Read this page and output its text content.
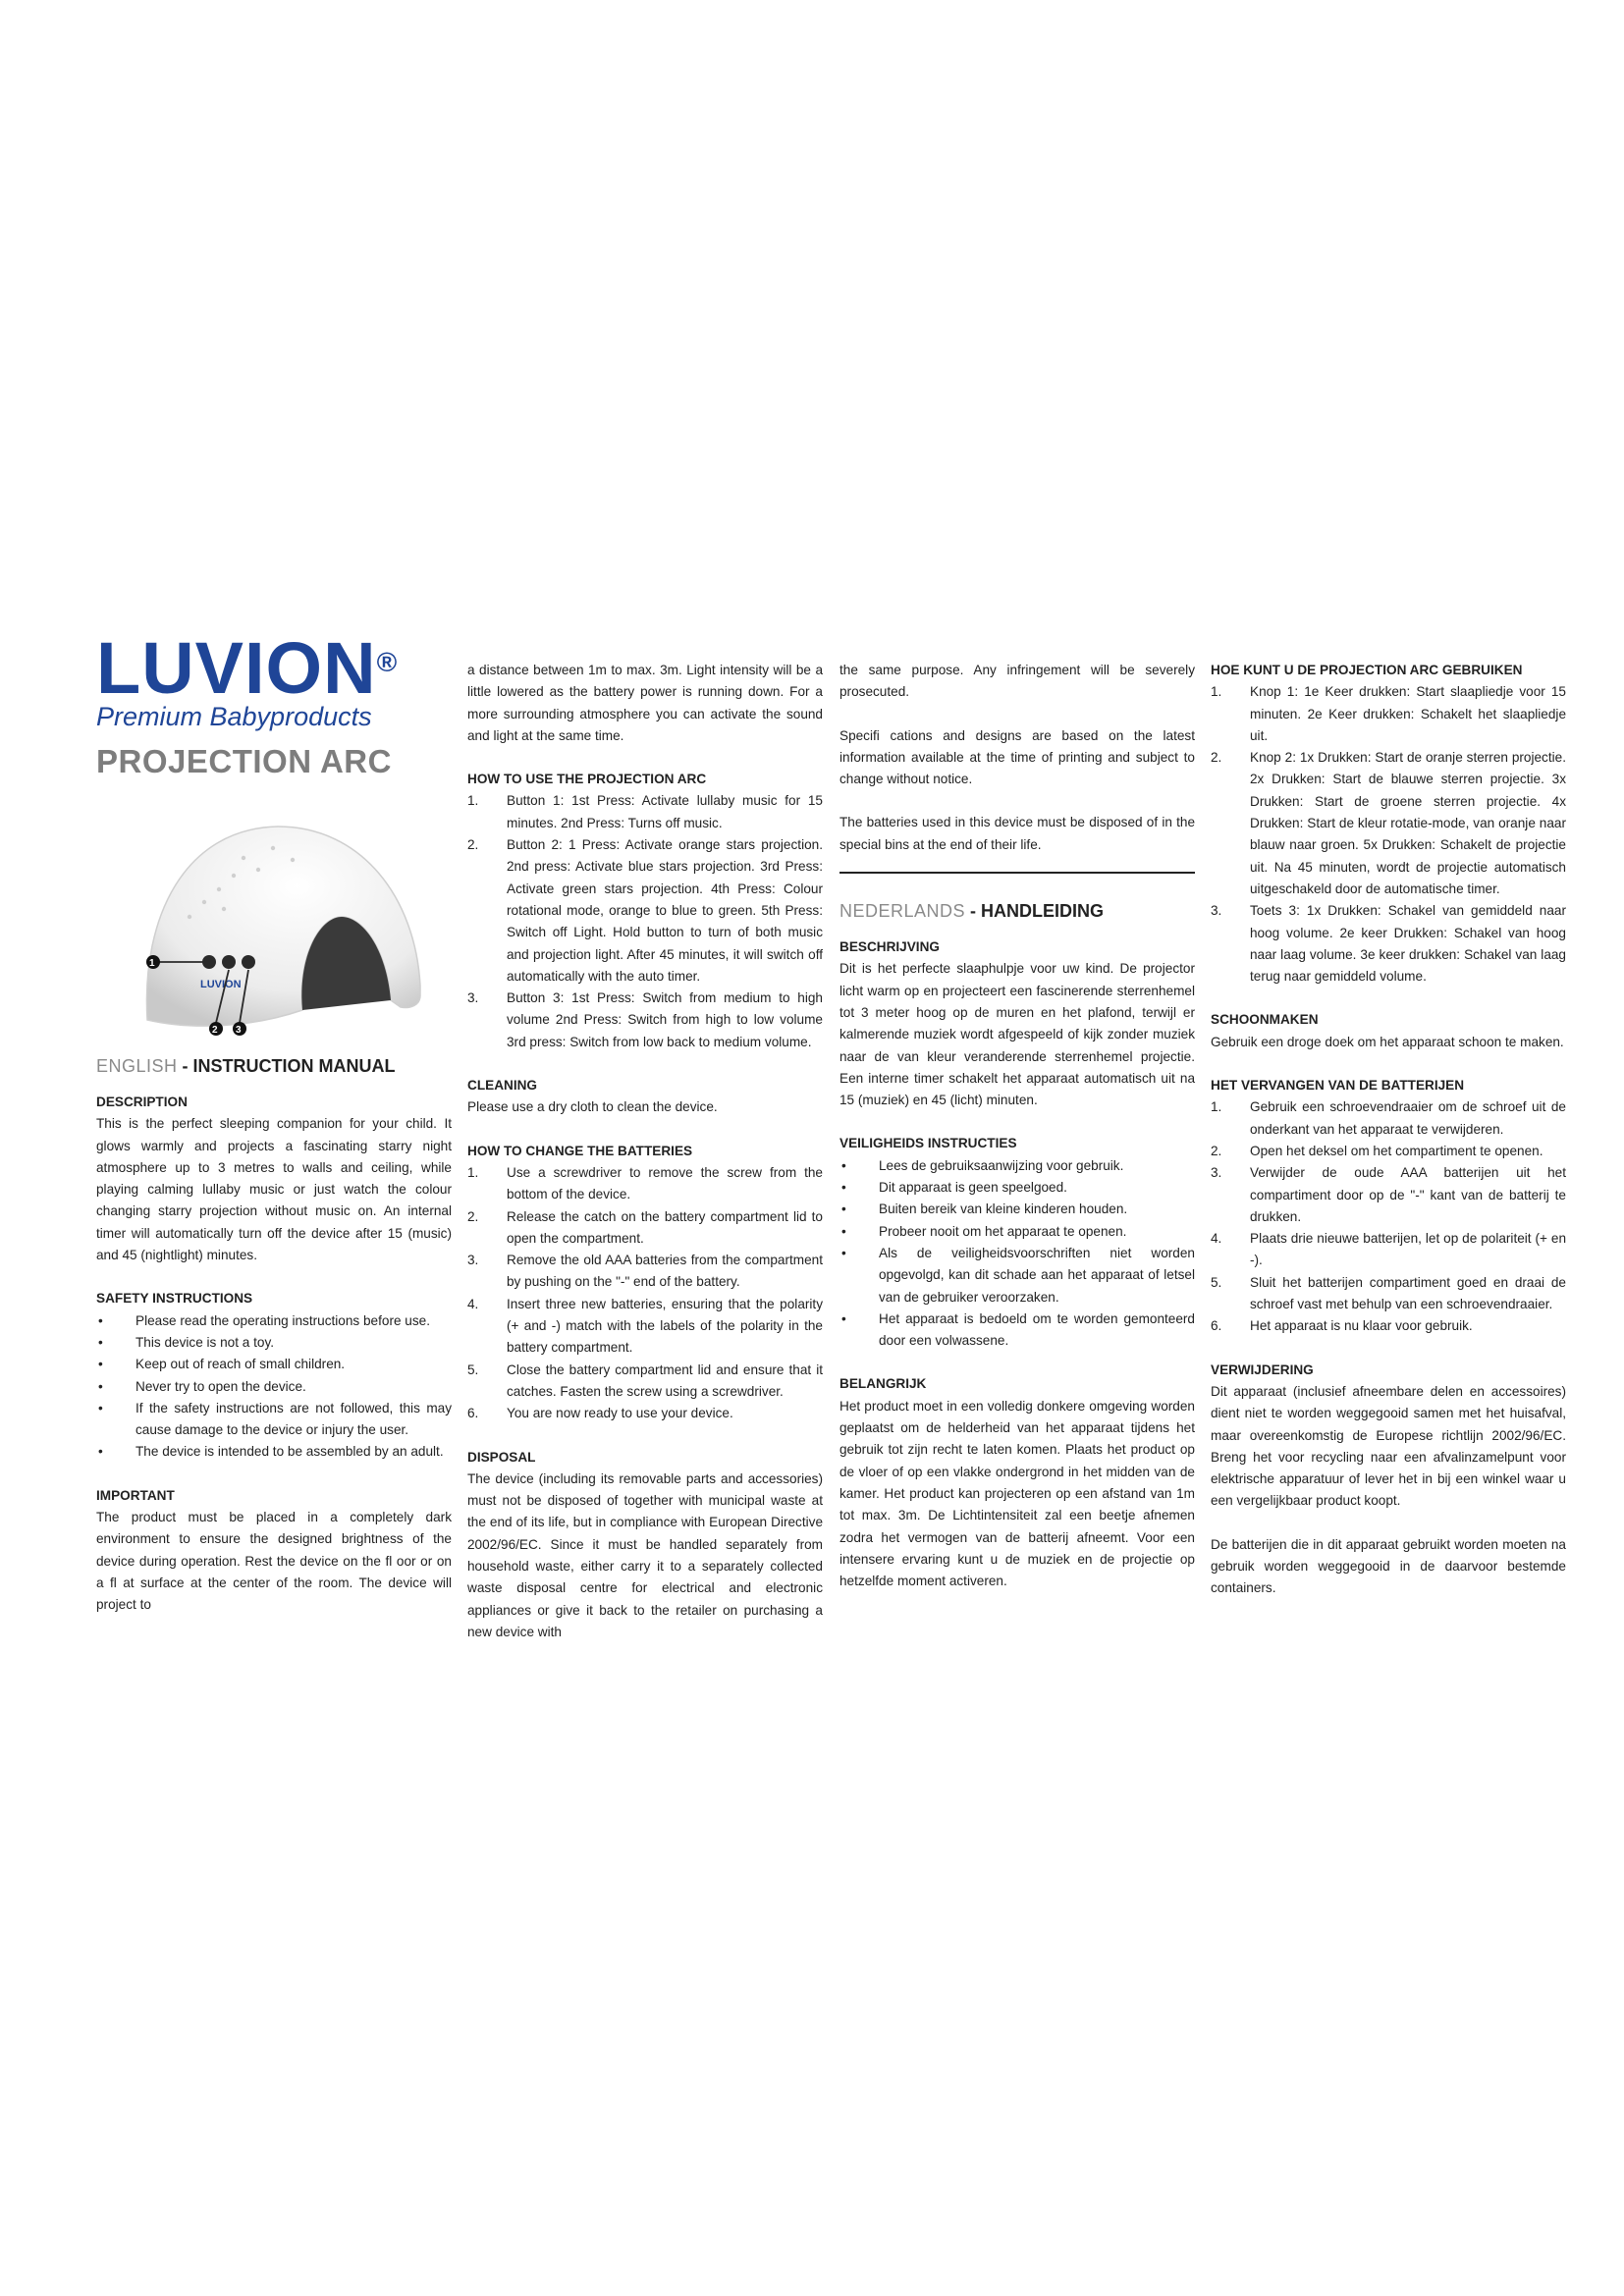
LUVION®
Premium Babyproducts
PROJECTION ARC
LUVION
1
2 3
ENGLISH - INSTRUCTION MANUAL
DESCRIPTION

This is the perfect sleeping companion for your child. It glows warmly and projects a fascinating starry night atmosphere up to 3 metres to walls and ceiling, while playing calming lullaby music or just watch the colour changing starry projection without music on. An internal timer will automatically turn off the device after 15 (music) and 45 (nightlight) minutes.

SAFETY INSTRUCTIONS
• Please read the operating instructions before use.
• This device is not a toy.
• Keep out of reach of small children.
• Never try to open the device.
• If the safety instructions are not followed, this may cause damage to the device or injury the user.
• The device is intended to be assembled by an adult.
IMPORTANT

The product must be placed in a completely dark environment to ensure the designed brightness of the device during operation. Rest the device on the fl oor or on a fl at surface at the center of the room. The device will project to

a distance between 1m to max. 3m. Light intensity will be a little lowered as the battery power is running down. For a more surrounding atmosphere you can activate the sound and light at the same time.

HOW TO USE THE PROJECTION ARC
1. Button 1: 1st Press: Activate lullaby music for 15 minutes. 2nd Press: Turns off music.
2. Button 2: 1 Press: Activate orange stars projection. 2nd press: Activate blue stars projection. 3rd Press: Activate green stars projection. 4th Press: Colour rotational mode, orange to blue to green. 5th Press: Switch off Light. Hold button to turn of both music and projection light. After 45 minutes, it will switch off automatically with the auto timer.
3. Button 3: 1st Press: Switch from medium to high volume 2nd Press: Switch from high to low volume 3rd press: Switch from low back to medium volume.
CLEANING

Please use a dry cloth to clean the device.

HOW TO CHANGE THE BATTERIES
1. Use a screwdriver to remove the screw from the bottom of the device.
2. Release the catch on the battery compartment lid to open the compartment.
3. Remove the old AAA batteries from the compartment by pushing on the "-" end of the battery.
4. Insert three new batteries, ensuring that the polarity (+ and -) match with the labels of the polarity in the battery compartment.
5. Close the battery compartment lid and ensure that it catches. Fasten the screw using a screwdriver.
6. You are now ready to use your device.
DISPOSAL

The device (including its removable parts and accessories) must not be disposed of together with municipal waste at the end of its life, but in compliance with European Directive 2002/96/EC. Since it must be handled separately from household waste, either carry it to a separately collected waste disposal centre for electrical and electronic appliances or give it back to the retailer on purchasing a new device with

the same purpose. Any infringement will be severely prosecuted.

Specifi cations and designs are based on the latest information available at the time of printing and subject to change without notice.

The batteries used in this device must be disposed of in the special bins at the end of their life.

NEDERLANDS - HANDLEIDING
BESCHRIJVING

Dit is het perfecte slaaphulpje voor uw kind. De projector licht warm op en projecteert een fascinerende sterrenhemel tot 3 meter hoog op de muren en het plafond, terwijl er kalmerende muziek wordt afgespeeld of kijk zonder muziek naar de van kleur veranderende sterrenhemel projectie. Een interne timer schakelt het apparaat automatisch uit na 15 (muziek) en 45 (licht) minuten.

VEILIGHEIDS INSTRUCTIES
• Lees de gebruiksaanwijzing voor gebruik.
• Dit apparaat is geen speelgoed.
• Buiten bereik van kleine kinderen houden.
• Probeer nooit om het apparaat te openen.
• Als de veiligheidsvoorschriften niet worden opgevolgd, kan dit schade aan het apparaat of letsel van de gebruiker veroorzaken.
• Het apparaat is bedoeld om te worden gemonteerd door een volwassene.
BELANGRIJK

Het product moet in een volledig donkere omgeving worden geplaatst om de helderheid van het apparaat tijdens het gebruik tot zijn recht te laten komen. Plaats het product op de vloer of op een vlakke ondergrond in het midden van de kamer. Het product kan projecteren op een afstand van 1m tot max. 3m. De Lichtintensiteit zal een beetje afnemen zodra het vermogen van de batterij afneemt. Voor een intensere ervaring kunt u de muziek en de projectie op hetzelfde moment activeren.

HOE KUNT U DE PROJECTION ARC GEBRUIKEN
1. Knop 1: 1e Keer drukken: Start slaapliedje voor 15 minuten. 2e Keer drukken: Schakelt het slaapliedje uit.
2. Knop 2: 1x Drukken: Start de oranje sterren projectie. 2x Drukken: Start de blauwe sterren projectie. 3x Drukken: Start de groene sterren projectie. 4x Drukken: Start de kleur rotatie-mode, van oranje naar blauw naar groen. 5x Drukken: Schakelt de projectie uit. Na 45 minuten, wordt de projectie automatisch uitgeschakeld door de automatische timer.
3. Toets 3: 1x Drukken: Schakel van gemiddeld naar hoog volume. 2e keer Drukken: Schakel van hoog naar laag volume. 3e keer drukken: Schakel van laag terug naar gemiddeld volume.
SCHOONMAKEN

Gebruik een droge doek om het apparaat schoon te maken.

HET VERVANGEN VAN DE BATTERIJEN
1. Gebruik een schroevendraaier om de schroef uit de onderkant van het apparaat te verwijderen.
2. Open het deksel om het compartiment te openen.
3. Verwijder de oude AAA batterijen uit het compartiment door op de "-" kant van de batterij te drukken.
4. Plaats drie nieuwe batterijen, let op de polariteit (+ en -).
5. Sluit het batterijen compartiment goed en draai de schroef vast met behulp van een schroevendraaier.
6. Het apparaat is nu klaar voor gebruik.
VERWIJDERING

Dit apparaat (inclusief afneembare delen en accessoires) dient niet te worden weggegooid samen met het huisafval, maar overeenkomstig de Europese richtlijn 2002/96/EC. Breng het voor recycling naar een afvalinzamelpunt voor elektrische apparatuur of lever het in bij een winkel waar u een vergelijkbaar product koopt.

De batterijen die in dit apparaat gebruikt worden moeten na gebruik worden weggegooid in de daarvoor bestemde containers.
